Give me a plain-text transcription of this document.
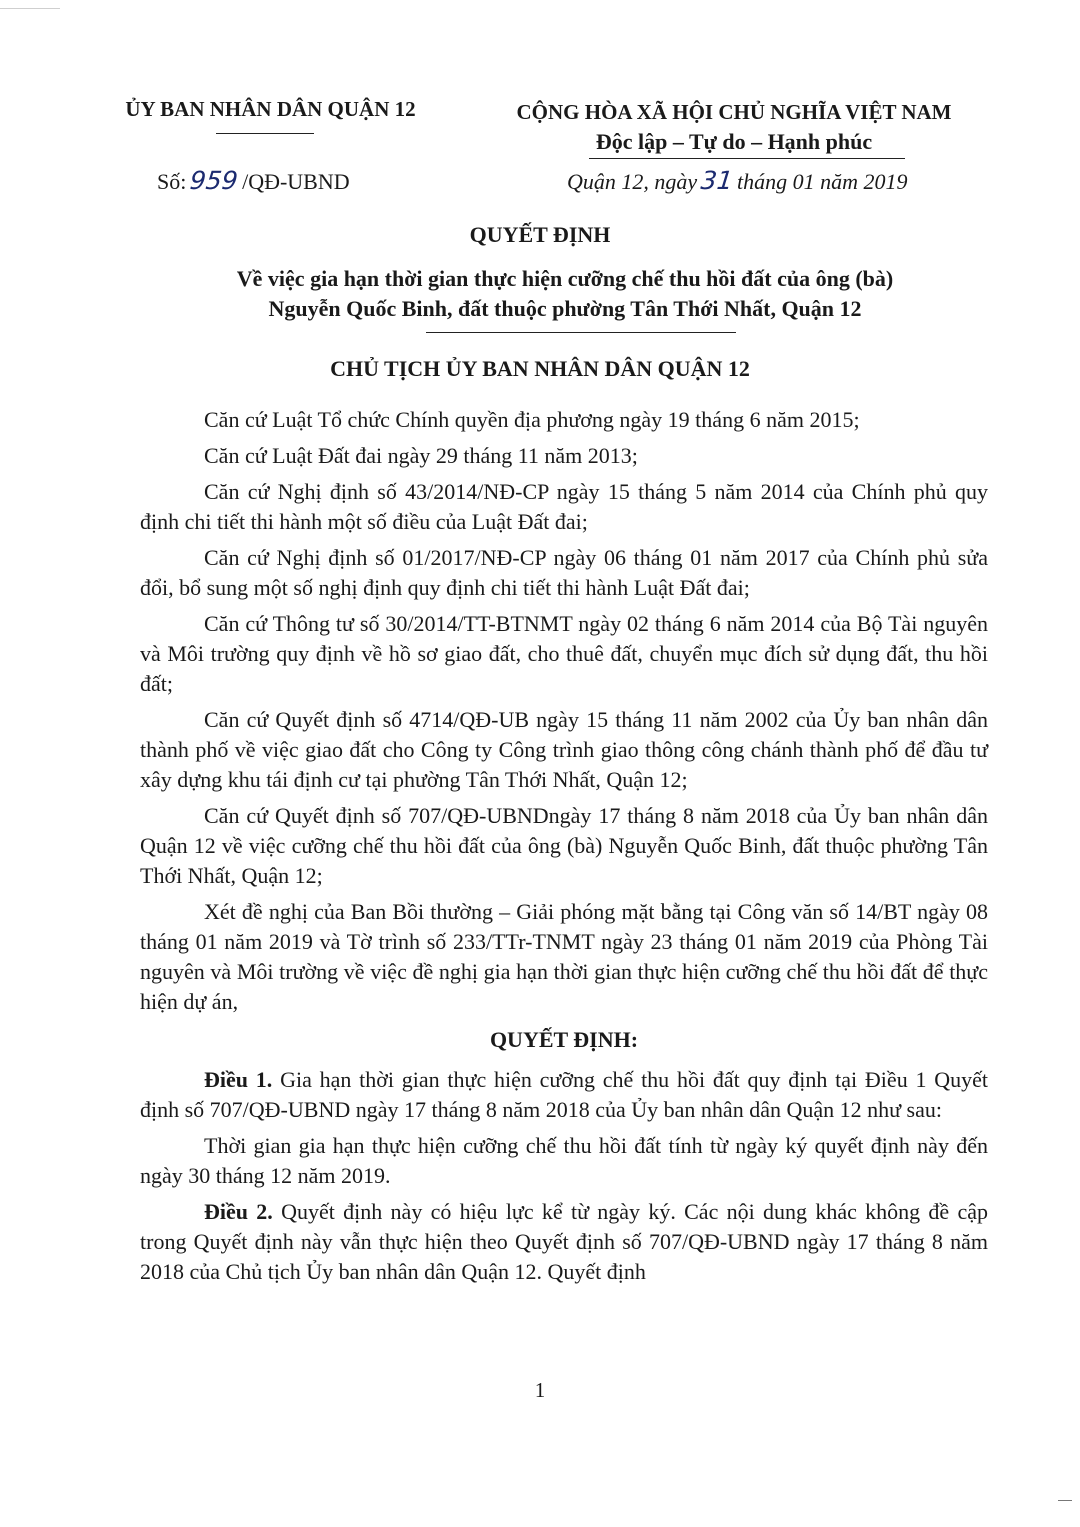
ỦY BAN NHÂN DÂN QUẬN 12	CỘNG HÒA XÃ HỘI CHỦ NGHĨA VIỆT NAM
Độc lập – Tự do – Hạnh phúc
Số:959 /QĐ-UBND	Quận 12, ngày31 tháng 01 năm 2019
QUYẾT ĐỊNH
Về việc gia hạn thời gian thực hiện cưỡng chế thu hồi đất của ông (bà)
Nguyễn Quốc Binh, đất thuộc phường Tân Thới Nhất, Quận 12
CHỦ TỊCH ỦY BAN NHÂN DÂN QUẬN 12

Căn cứ Luật Tổ chức Chính quyền địa phương ngày 19 tháng 6 năm 2015;

Căn cứ Luật Đất đai ngày 29 tháng 11 năm 2013;

Căn cứ Nghị định số 43/2014/NĐ-CP ngày 15 tháng 5 năm 2014 của Chính phủ quy định chi tiết thi hành một số điều của Luật Đất đai;

Căn cứ Nghị định số 01/2017/NĐ-CP ngày 06 tháng 01 năm 2017 của Chính phủ sửa đổi, bổ sung một số nghị định quy định chi tiết thi hành Luật Đất đai;

Căn cứ Thông tư số 30/2014/TT-BTNMT ngày 02 tháng 6 năm 2014 của Bộ Tài nguyên và Môi trường quy định về hồ sơ giao đất, cho thuê đất, chuyển mục đích sử dụng đất, thu hồi đất;

Căn cứ Quyết định số 4714/QĐ-UB ngày 15 tháng 11 năm 2002 của Ủy ban nhân dân thành phố về việc giao đất cho Công ty Công trình giao thông công chánh thành phố để đầu tư xây dựng khu tái định cư tại phường Tân Thới Nhất, Quận 12;

Căn cứ Quyết định số 707/QĐ-UBNDngày 17 tháng 8 năm 2018 của Ủy ban nhân dân Quận 12 về việc cưỡng chế thu hồi đất của ông (bà) Nguyễn Quốc Binh, đất thuộc phường Tân Thới Nhất, Quận 12;

Xét đề nghị của Ban Bồi thường – Giải phóng mặt bằng tại Công văn số 14/BT ngày 08 tháng 01 năm 2019 và Tờ trình số 233/TTr-TNMT ngày 23 tháng 01 năm 2019 của Phòng Tài nguyên và Môi trường về việc đề nghị gia hạn thời gian thực hiện cưỡng chế thu hồi đất để thực hiện dự án,

QUYẾT ĐỊNH:

Điều 1. Gia hạn thời gian thực hiện cưỡng chế thu hồi đất quy định tại Điều 1 Quyết định số 707/QĐ-UBND ngày 17 tháng 8 năm 2018 của Ủy ban nhân dân Quận 12 như sau:

Thời gian gia hạn thực hiện cưỡng chế thu hồi đất tính từ ngày ký quyết định này đến ngày 30 tháng 12 năm 2019.

Điều 2. Quyết định này có hiệu lực kể từ ngày ký. Các nội dung khác không đề cập trong Quyết định này vẫn thực hiện theo Quyết định số 707/QĐ-UBND ngày 17 tháng 8 năm 2018 của Chủ tịch Ủy ban nhân dân Quận 12. Quyết định

1
